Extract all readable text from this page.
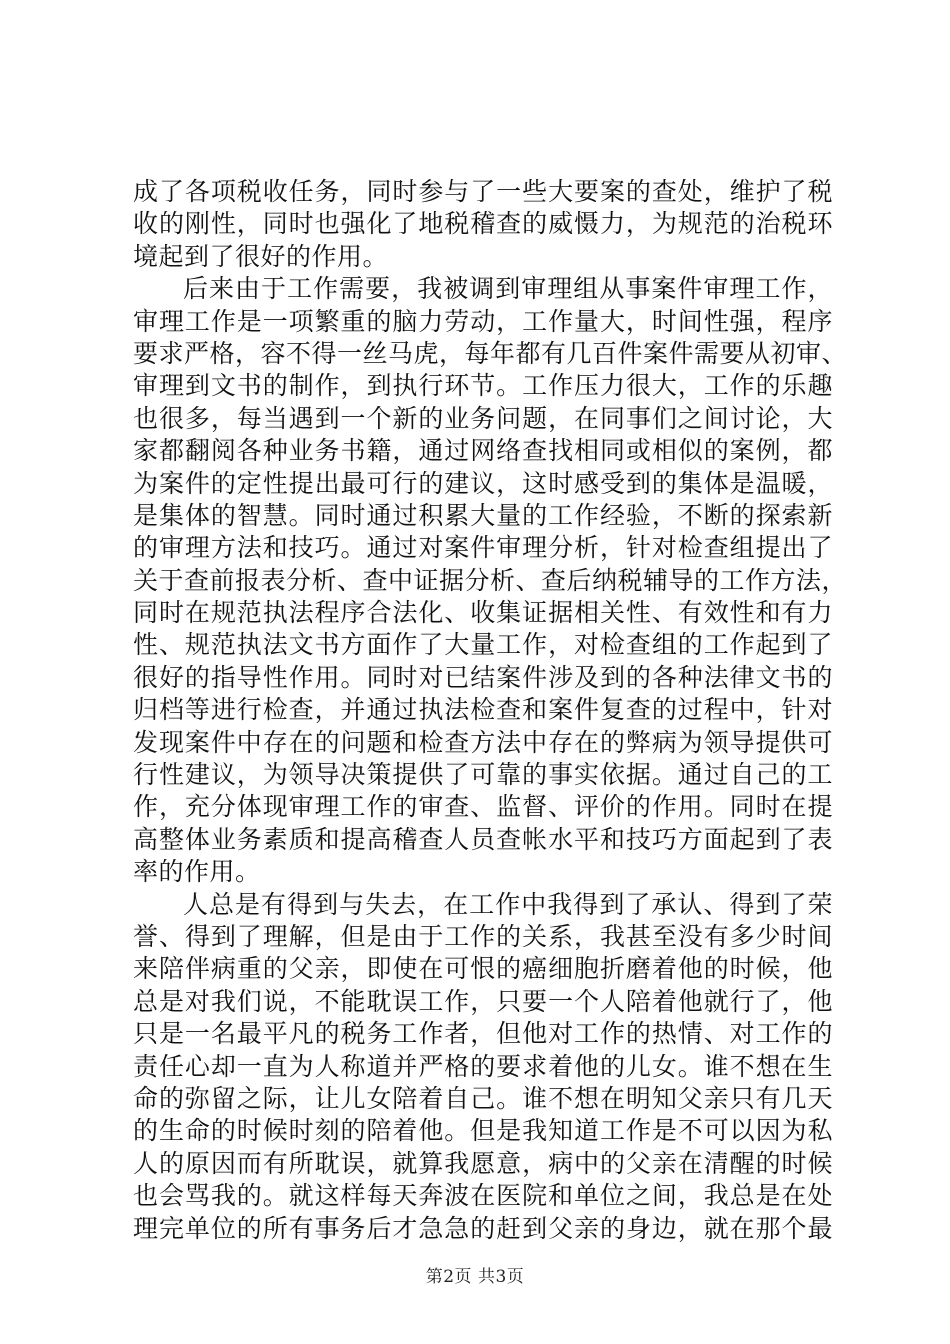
成了各项税收任务，同时参与了一些大要案的查处，维护了税
收的刚性，同时也强化了地税稽查的威慑力，为规范的治税环
境起到了很好的作用。
后来由于工作需要，我被调到审理组从事案件审理工作，
审理工作是一项繁重的脑力劳动，工作量大，时间性强，程序
要求严格，容不得一丝马虎，每年都有几百件案件需要从初审、
审理到文书的制作，到执行环节。工作压力很大，工作的乐趣
也很多，每当遇到一个新的业务问题，在同事们之间讨论，大
家都翻阅各种业务书籍，通过网络查找相同或相似的案例，都
为案件的定性提出最可行的建议，这时感受到的集体是温暖，
是集体的智慧。同时通过积累大量的工作经验，不断的探索新
的审理方法和技巧。通过对案件审理分析，针对检查组提出了
关于查前报表分析、查中证据分析、查后纳税辅导的工作方法，
同时在规范执法程序合法化、收集证据相关性、有效性和有力
性、规范执法文书方面作了大量工作，对检查组的工作起到了
很好的指导性作用。同时对已结案件涉及到的各种法律文书的
归档等进行检查，并通过执法检查和案件复查的过程中，针对
发现案件中存在的问题和检查方法中存在的弊病为领导提供可
行性建议，为领导决策提供了可靠的事实依据。通过自己的工
作，充分体现审理工作的审查、监督、评价的作用。同时在提
高整体业务素质和提高稽查人员查帐水平和技巧方面起到了表
率的作用。
人总是有得到与失去，在工作中我得到了承认、得到了荣
誉、得到了理解，但是由于工作的关系，我甚至没有多少时间
来陪伴病重的父亲，即使在可恨的癌细胞折磨着他的时候，他
总是对我们说，不能耽误工作，只要一个人陪着他就行了，他
只是一名最平凡的税务工作者，但他对工作的热情、对工作的
责任心却一直为人称道并严格的要求着他的儿女。谁不想在生
命的弥留之际，让儿女陪着自己。谁不想在明知父亲只有几天
的生命的时候时刻的陪着他。但是我知道工作是不可以因为私
人的原因而有所耽误，就算我愿意，病中的父亲在清醒的时候
也会骂我的。就这样每天奔波在医院和单位之间，我总是在处
理完单位的所有事务后才急急的赶到父亲的身边，就在那个最
第2页 共3页
